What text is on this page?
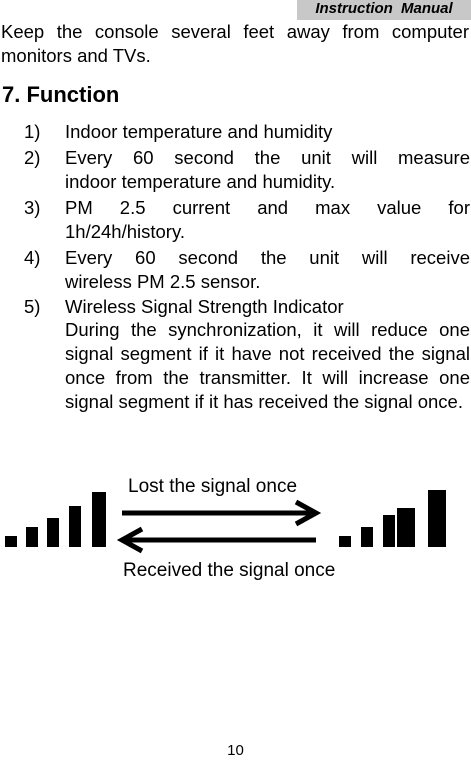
Instruction Manual
Keep the console several feet away from computer monitors and TVs.
7. Function
1) Indoor temperature and humidity
2) Every 60 second the unit will measure
indoor temperature and humidity.
3) PM 2.5 current and max value for
1h/24h/history.
4) Every 60 second the unit will receive
wireless PM 2.5 sensor.
5) Wireless Signal Strength Indicator
During the synchronization, it will reduce one signal segment if it have not received the signal once from the transmitter. It will increase one signal segment if it has received the signal once.
Lost the signal once
Received the signal once
10
